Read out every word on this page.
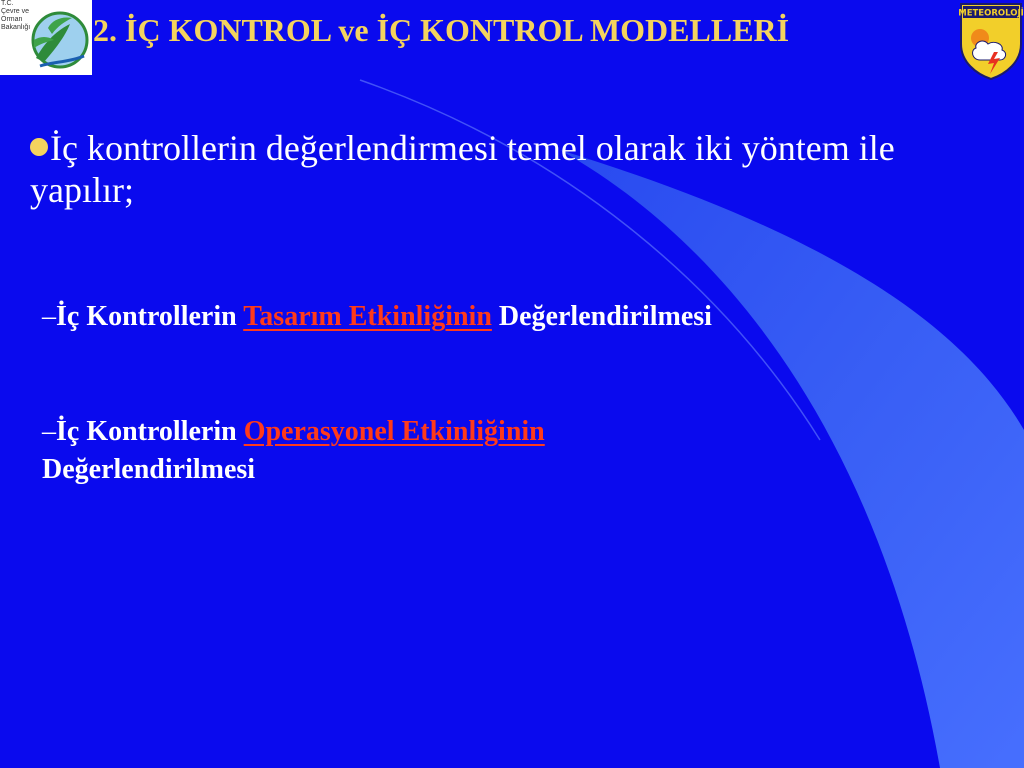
T.C.
Çevre ve Orman
Bakanlığı	2. İÇ KONTROL ve İÇ KONTROL MODELLERİ	METEOROLOJİ
İç kontrollerin değerlendirmesi temel olarak iki yöntem ile yapılır;
–İç Kontrollerin Tasarım Etkinliğinin Değerlendirilmesi
–İç Kontrollerin Operasyonel Etkinliğinin
Değerlendirilmesi
